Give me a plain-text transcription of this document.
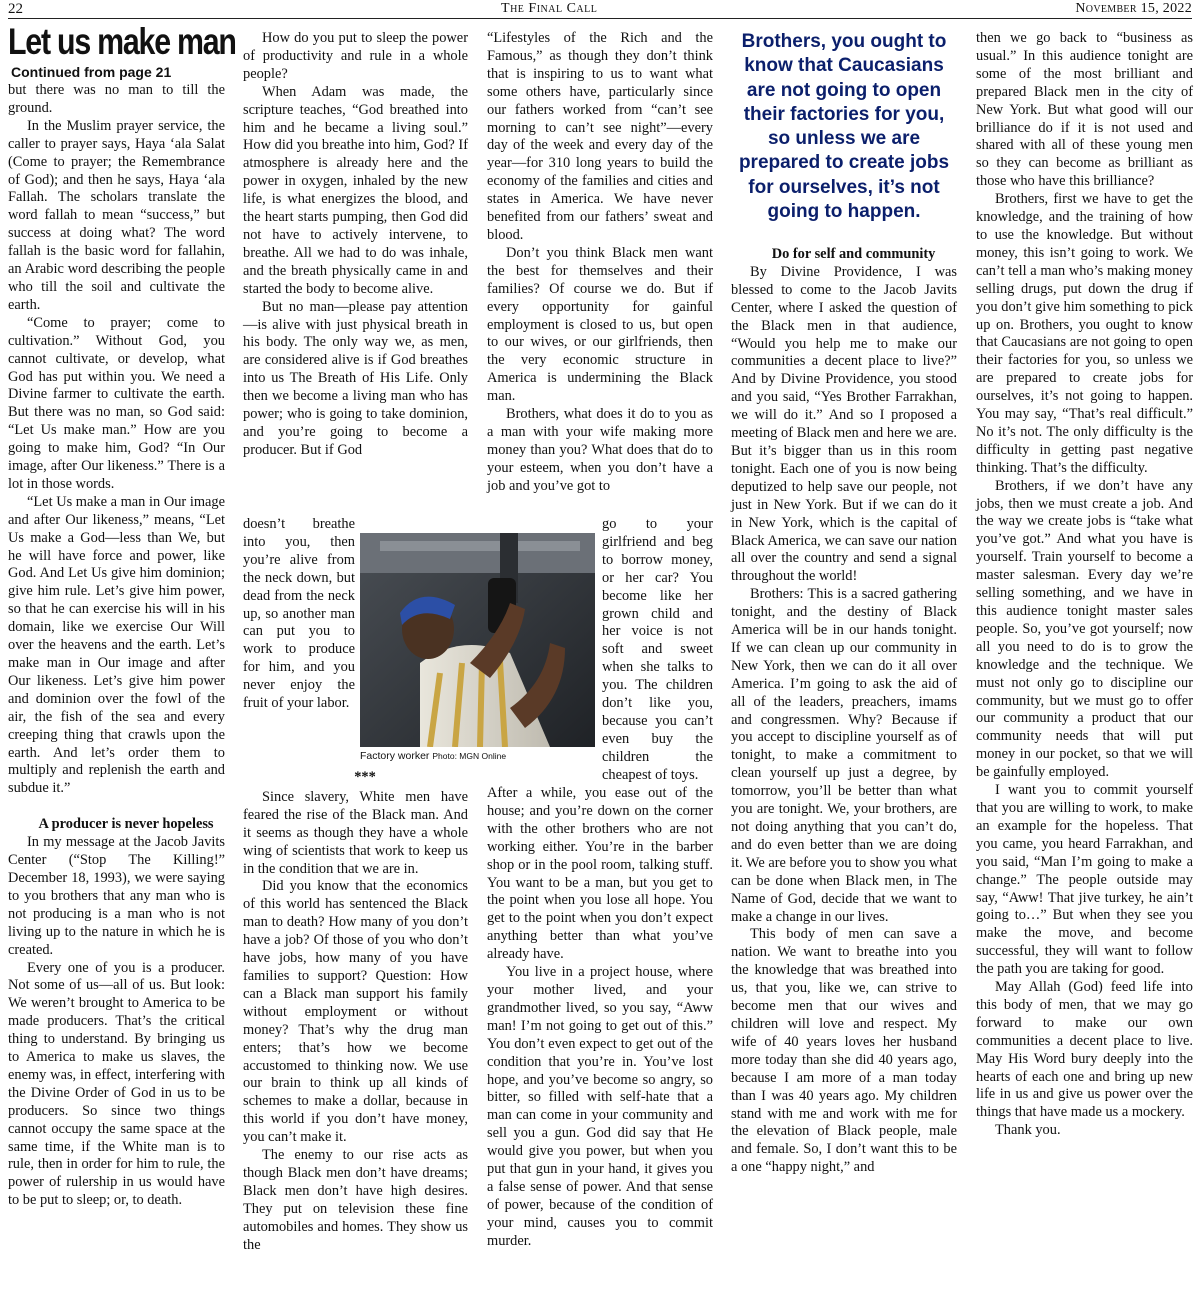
22	The Final Call	November 15, 2022
Let us make man
Continued from page 21

but there was no man to till the ground.

In the Muslim prayer service, the caller to prayer says, Haya ‘ala Salat (Come to prayer; the Remembrance of God); and then he says, Haya ‘ala Fallah. The scholars translate the word fallah to mean “success,” but success at doing what? The word fallah is the basic word for fallahin, an Arabic word describing the people who till the soil and cultivate the earth.

“Come to prayer; come to cultivation.” Without God, you cannot cultivate, or develop, what God has put within you. We need a Divine farmer to cultivate the earth. But there was no man, so God said: “Let Us make man.” How are you going to make him, God? “In Our image, after Our likeness.” There is a lot in those words.

“Let Us make a man in Our image and after Our likeness,” means, “Let Us make a God—less than We, but he will have force and power, like God. And Let Us give him dominion; give him rule. Let’s give him power, so that he can exercise his will in his domain, like we exercise Our Will over the heavens and the earth. Let’s make man in Our image and after Our likeness. Let’s give him power and dominion over the fowl of the air, the fish of the sea and every creeping thing that crawls upon the earth. And let’s order them to multiply and replenish the earth and subdue it.”

A producer is never hopeless

In my message at the Jacob Javits Center (“Stop The Killing!” December 18, 1993), we were saying to you brothers that any man who is not producing is a man who is not living up to the nature in which he is created.

Every one of you is a producer. Not some of us—all of us. But look: We weren’t brought to America to be made producers. That’s the critical thing to understand. By bringing us to America to make us slaves, the enemy was, in effect, interfering with the Divine Order of God in us to be producers. So since two things cannot occupy the same space at the same time, if the White man is to rule, then in order for him to rule, the power of rulership in us would have to be put to sleep; or, to death.

How do you put to sleep the power of productivity and rule in a whole people?

When Adam was made, the scripture teaches, “God breathed into him and he became a living soul.” How did you breathe into him, God? If atmosphere is already here and the power in oxygen, inhaled by the new life, is what energizes the blood, and the heart starts pumping, then God did not have to actively intervene, to breathe. All we had to do was inhale, and the breath physically came in and started the body to become alive.

But no man—please pay attention—is alive with just physical breath in his body. The only way we, as men, are considered alive is if God breathes into us The Breath of His Life. Only then we become a living man who has power; who is going to take dominion, and you’re going to become a producer. But if God

doesn’t breathe into you, then you’re alive from the neck down, but dead from the neck up, so another man can put you to work to produce for him, and you never enjoy the fruit of your labor.

***

Since slavery, White men have feared the rise of the Black man. And it seems as though they have a whole wing of scientists that work to keep us in the condition that we are in.

Did you know that the economics of this world has sentenced the Black man to death? How many of you don’t have a job? Of those of you who don’t have jobs, how many of you have families to support? Question: How can a Black man support his family without employment or without money? That’s why the drug man enters; that’s how we become accustomed to thinking now. We use our brain to think up all kinds of schemes to make a dollar, because in this world if you don’t have money, you can’t make it.

The enemy to our rise acts as though Black men don’t have dreams; Black men don’t have high desires. They put on television these fine automobiles and homes. They show us the

Factory worker Photo: MGN Online

“Lifestyles of the Rich and the Famous,” as though they don’t think that is inspiring to us to want what some others have, particularly since our fathers worked from “can’t see morning to can’t see night”—every day of the week and every day of the year—for 310 long years to build the economy of the families and cities and states in America. We have never benefited from our fathers’ sweat and blood.

Don’t you think Black men want the best for themselves and their families? Of course we do. But if every opportunity for gainful employment is closed to us, but open to our wives, or our girlfriends, then the very economic structure in America is undermining the Black man.

Brothers, what does it do to you as a man with your wife making more money than you? What does that do to your esteem, when you don’t have a job and you’ve got to

go to your girlfriend and beg to borrow money, or her car? You become like her grown child and her voice is not soft and sweet when she talks to you. The children don’t like you, because you can’t even buy the children the cheapest of toys.

After a while, you ease out of the house; and you’re down on the corner with the other brothers who are not working either. You’re in the barber shop or in the pool room, talking stuff. You want to be a man, but you get to the point when you lose all hope. You get to the point when you don’t expect anything better than what you’ve already have.

You live in a project house, where your mother lived, and your grandmother lived, so you say, “Aww man! I’m not going to get out of this.” You don’t even expect to get out of the condition that you’re in. You’ve lost hope, and you’ve become so angry, so bitter, so filled with self-hate that a man can come in your community and sell you a gun. God did say that He would give you power, but when you put that gun in your hand, it gives you a false sense of power. And that sense of power, because of the condition of your mind, causes you to commit murder.

Brothers, you ought to know that Caucasians are not going to open their factories for you, so unless we are prepared to create jobs for ourselves, it’s not going to happen.

Do for self and community

By Divine Providence, I was blessed to come to the Jacob Javits Center, where I asked the question of the Black men in that audience, “Would you help me to make our communities a decent place to live?” And by Divine Providence, you stood and you said, “Yes Brother Farrakhan, we will do it.” And so I proposed a meeting of Black men and here we are. But it’s bigger than us in this room tonight. Each one of you is now being deputized to help save our people, not just in New York. But if we can do it in New York, which is the capital of Black America, we can save our nation all over the country and send a signal throughout the world!

Brothers: This is a sacred gathering tonight, and the destiny of Black America will be in our hands tonight. If we can clean up our community in New York, then we can do it all over America. I’m going to ask the aid of all of the leaders, preachers, imams and congressmen. Why? Because if you accept to discipline yourself as of tonight, to make a commitment to clean yourself up just a degree, by tomorrow, you’ll be better than what you are tonight. We, your brothers, are not doing anything that you can’t do, and do even better than we are doing it. We are before you to show you what can be done when Black men, in The Name of God, decide that we want to make a change in our lives.

This body of men can save a nation. We want to breathe into you the knowledge that was breathed into us, that you, like we, can strive to become men that our wives and children will love and respect. My wife of 40 years loves her husband more today than she did 40 years ago, because I am more of a man today than I was 40 years ago. My children stand with me and work with me for the elevation of Black people, male and female. So, I don’t want this to be a one “happy night,” and

then we go back to “business as usual.” In this audience tonight are some of the most brilliant and prepared Black men in the city of New York. But what good will our brilliance do if it is not used and shared with all of these young men so they can become as brilliant as those who have this brilliance?

Brothers, first we have to get the knowledge, and the training of how to use the knowledge. But without money, this isn’t going to work. We can’t tell a man who’s making money selling drugs, put down the drug if you don’t give him something to pick up on. Brothers, you ought to know that Caucasians are not going to open their factories for you, so unless we are prepared to create jobs for ourselves, it’s not going to happen. You may say, “That’s real difficult.” No it’s not. The only difficulty is the difficulty in getting past negative thinking. That’s the difficulty.

Brothers, if we don’t have any jobs, then we must create a job. And the way we create jobs is “take what you’ve got.” And what you have is yourself. Train yourself to become a master salesman. Every day we’re selling something, and we have in this audience tonight master sales people. So, you’ve got yourself; now all you need to do is to grow the knowledge and the technique. We must not only go to discipline our community, but we must go to offer our community a product that our community needs that will put money in our pocket, so that we will be gainfully employed.

I want you to commit yourself that you are willing to work, to make an example for the hopeless. That you came, you heard Farrakhan, and you said, “Man I’m going to make a change.” The people outside may say, “Aww! That jive turkey, he ain’t going to…” But when they see you make the move, and become successful, they will want to follow the path you are taking for good.

May Allah (God) feed life into this body of men, that we may go forward to make our own communities a decent place to live. May His Word bury deeply into the hearts of each one and bring up new life in us and give us power over the things that have made us a mockery.

Thank you.
